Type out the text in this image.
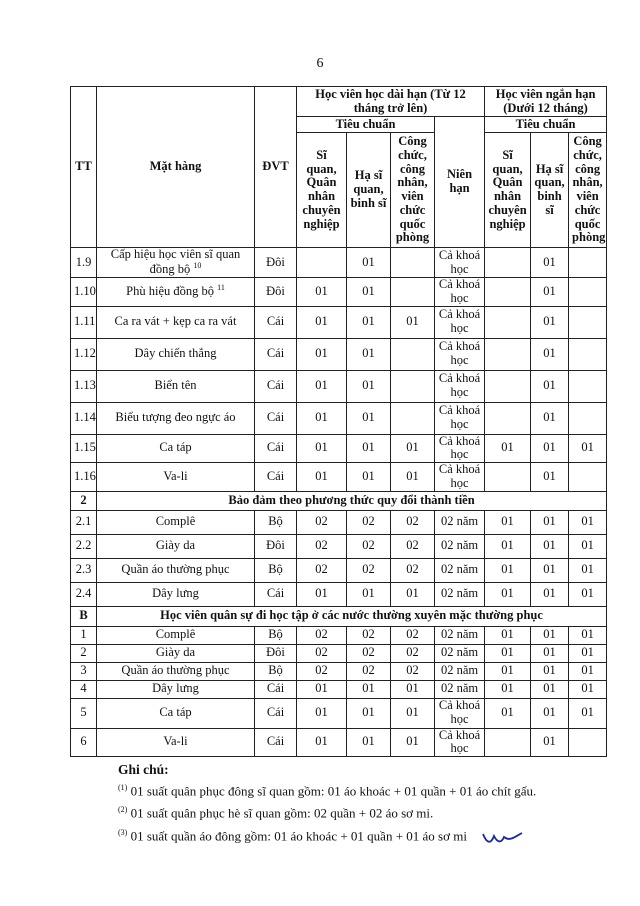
6
TT	Mặt hàng	ĐVT	Học viên học dài hạn (Từ 12 tháng trở lên)				Học viên ngắn hạn (Dưới 12 tháng)		
			Tiêu chuẩn			Niên hạn	Tiêu chuẩn		
			Sĩ quan, Quân nhân chuyên nghiệp	Hạ sĩ quan, binh sĩ	Công chức, công nhân, viên chức quốc phòng		Sĩ quan, Quân nhân chuyên nghiệp	Hạ sĩ quan, binh sĩ	Công chức, công nhân, viên chức quốc phòng
1.9	Cấp hiệu học viên sĩ quan đồng bộ $^{10}$	Đôi		01		Cả khoá học		01	
1.10	Phù hiệu đồng bộ $^{11}$	Đôi	01	01		Cả khoá học		01	
1.11	Ca ra vát + kẹp ca ra vát	Cái	01	01	01	Cả khoá học		01	
1.12	Dây chiến thắng	Cái	01	01		Cả khoá học		01	
1.13	Biển tên	Cái	01	01		Cả khoá học		01	
1.14	Biểu tượng đeo ngực áo	Cái	01	01		Cả khoá học		01	
1.15	Ca táp	Cái	01	01	01	Cả khoá học	01	01	01
1.16	Va-li	Cái	01	01	01	Cả khoá học		01	
2	Bảo đảm theo phương thức quy đổi thành tiền								
2.1	Complê	Bộ	02	02	02	02 năm	01	01	01
2.2	Giày da	Đôi	02	02	02	02 năm	01	01	01
2.3	Quần áo thường phục	Bộ	02	02	02	02 năm	01	01	01
2.4	Dây lưng	Cái	01	01	01	02 năm	01	01	01
B	Học viên quân sự đi học tập ở các nước thường xuyên mặc thường phục								
1	Complê	Bộ	02	02	02	02 năm	01	01	01
2	Giày da	Đôi	02	02	02	02 năm	01	01	01
3	Quần áo thường phục	Bộ	02	02	02	02 năm	01	01	01
4	Dây lưng	Cái	01	01	01	02 năm	01	01	01
5	Ca táp	Cái	01	01	01	Cả khoá học	01	01	01
6	Va-li	Cái	01	01	01	Cả khoá học		01	
Ghi chú:
$^{(1)}$ 01 suất quân phục đông sĩ quan gồm: 01 áo khoác + 01 quần + 01 áo chít gấu.
$^{(2)}$ 01 suất quân phục hè sĩ quan gồm: 02 quần + 02 áo sơ mi.
$^{(3)}$ 01 suất quần áo đông gồm: 01 áo khoác + 01 quần + 01 áo sơ mi
